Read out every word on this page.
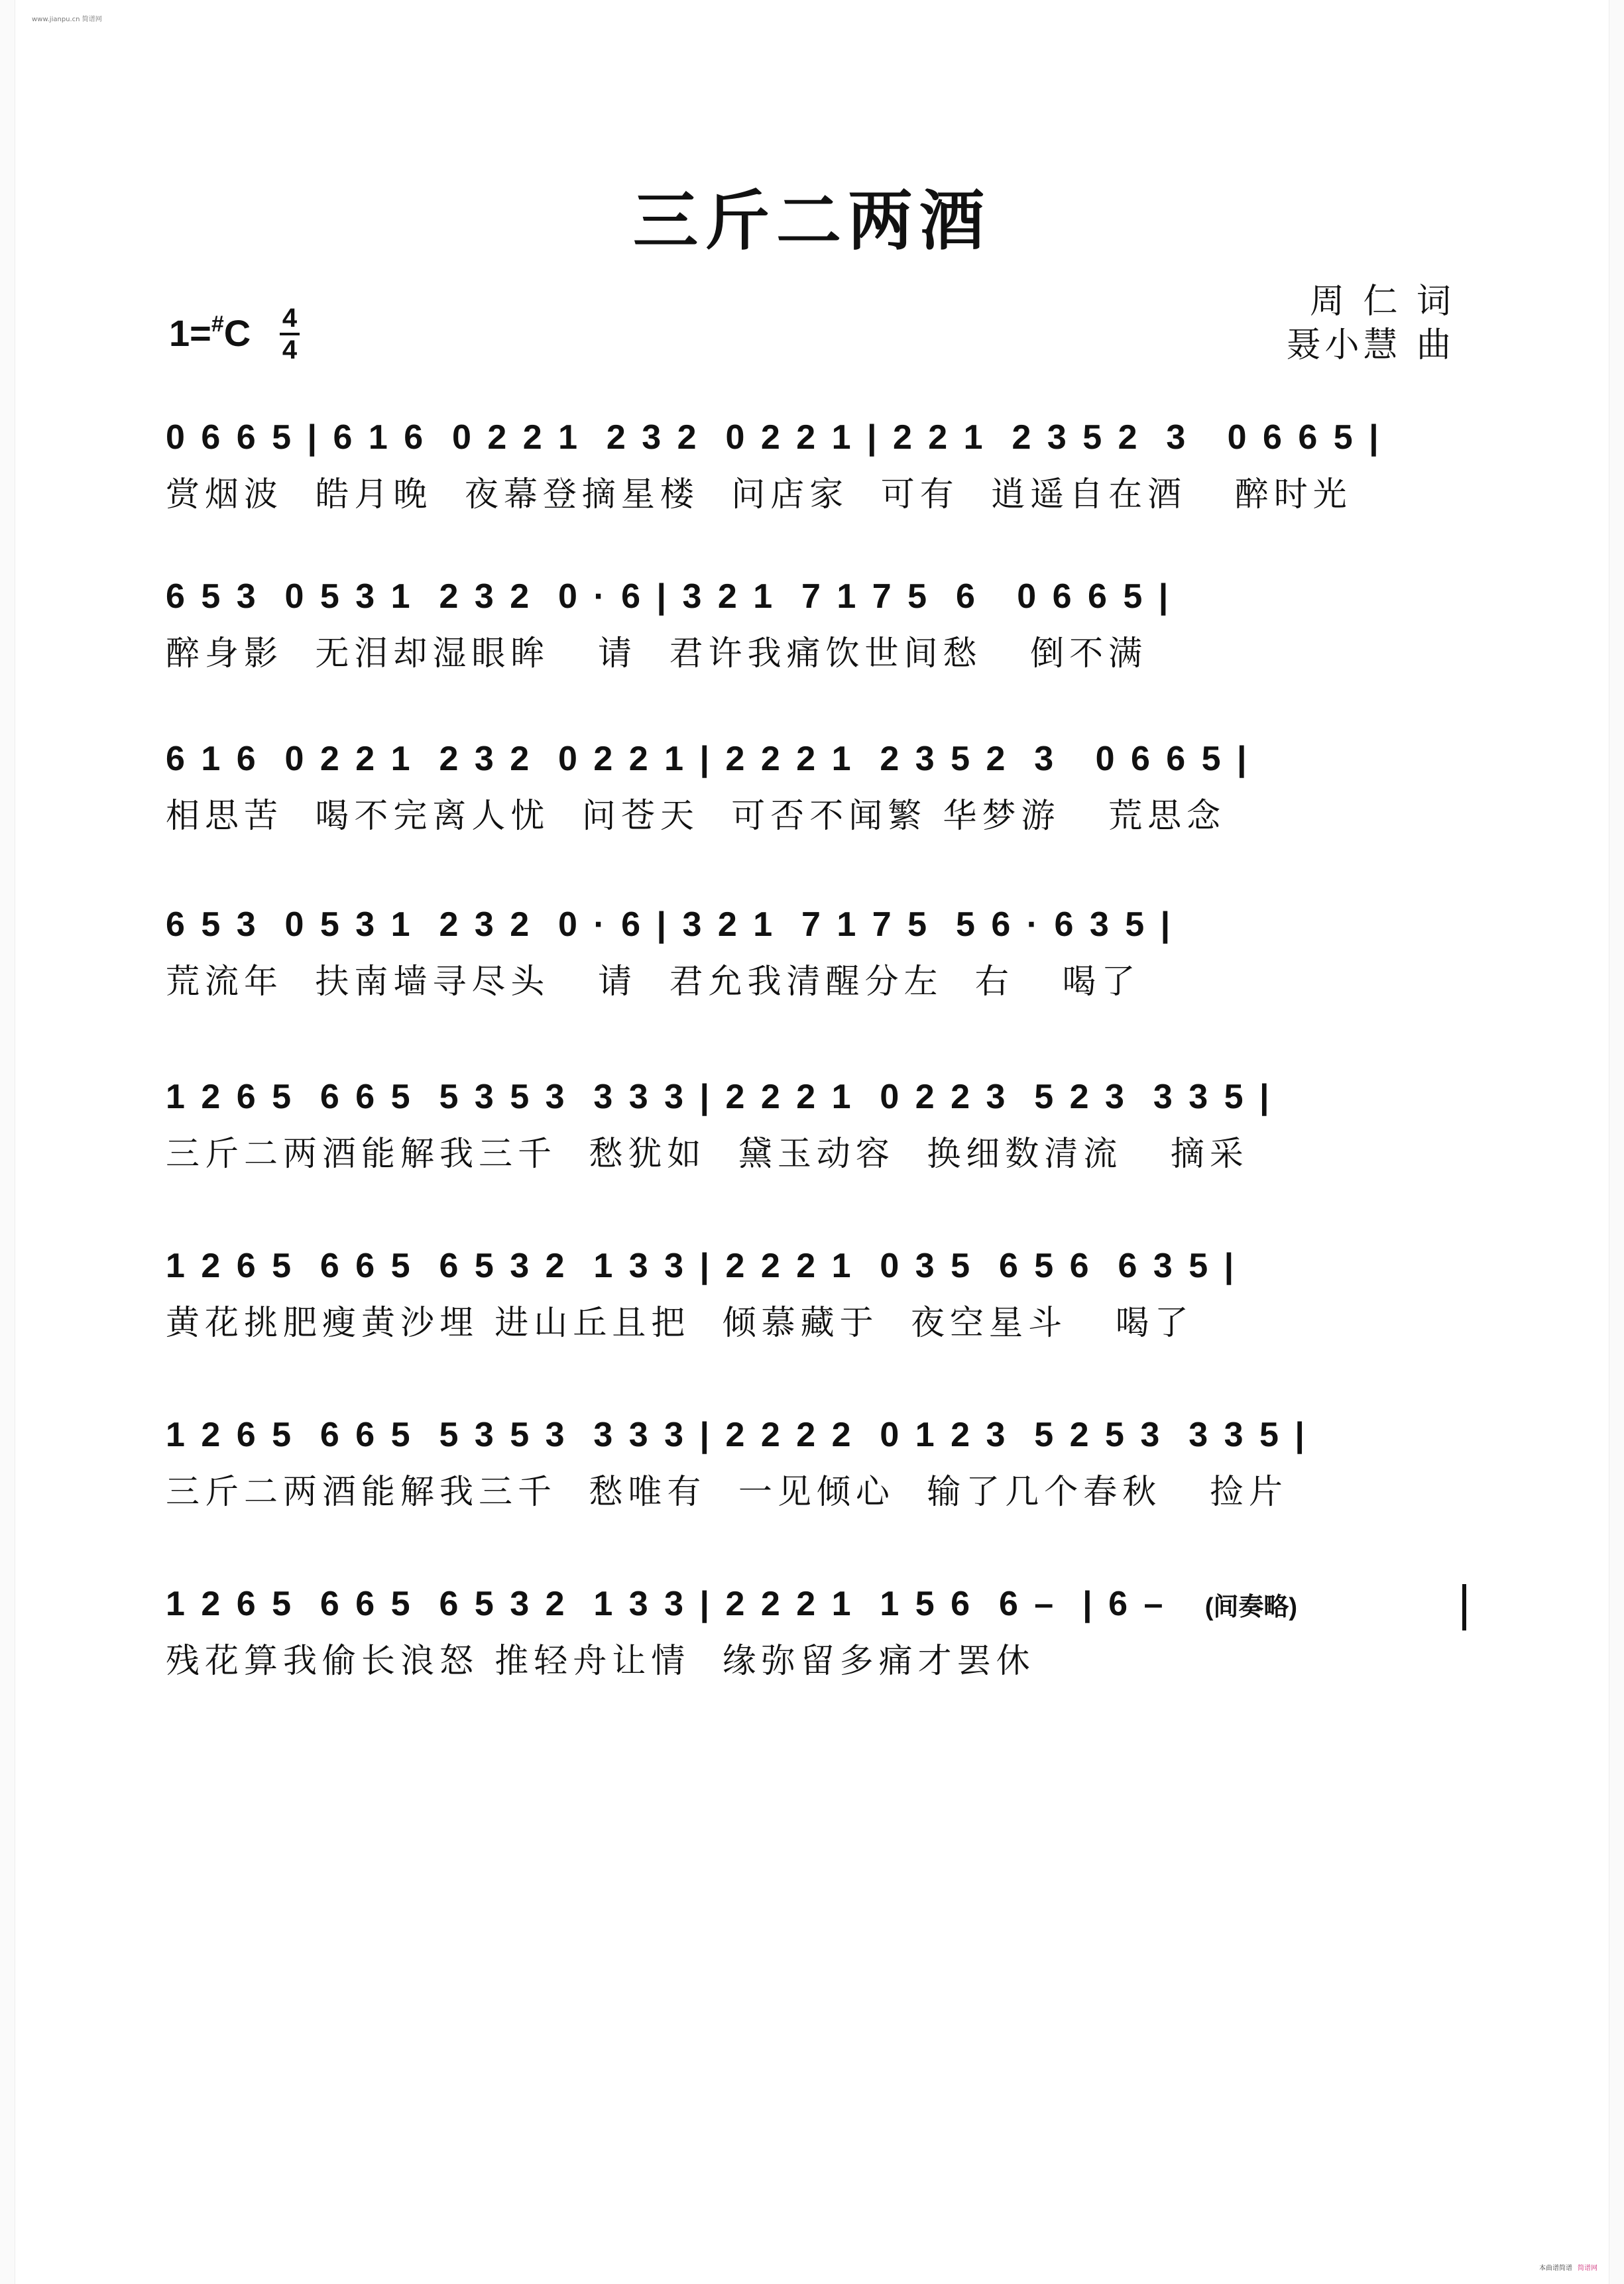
www.jianpu.cn 简谱网
三斤二两酒
周 仁 词
聂小慧 曲
1=#C 4
4
0 6 6 5 | 6 1 6  0 2 2 1  2 3 2  0 2 2 1 | 2 2 1  2 3 5 2  3   0 6 6 5 |
赏烟波  皓月晚  夜幕登摘星楼  问店家  可有  逍遥自在酒   醉时光
6 5 3  0 5 3 1  2 3 2  0 · 6 | 3 2 1  7 1 7 5  6   0 6 6 5 |
醉身影  无泪却湿眼眸   请  君许我痛饮世间愁   倒不满
6 1 6  0 2 2 1  2 3 2  0 2 2 1 | 2 2 2 1  2 3 5 2  3   0 6 6 5 |
相思苦  喝不完离人忧  问苍天  可否不闻繁 华梦游   荒思念
6 5 3  0 5 3 1  2 3 2  0 · 6 | 3 2 1  7 1 7 5  5 6 · 6 3 5 |
荒流年  扶南墙寻尽头   请  君允我清醒分左  右   喝了
1 2 6 5  6 6 5  5 3 5 3  3 3 3 | 2 2 2 1  0 2 2 3  5 2 3  3 3 5 |
三斤二两酒能解我三千  愁犹如  黛玉动容  换细数清流   摘采
1 2 6 5  6 6 5  6 5 3 2  1 3 3 | 2 2 2 1  0 3 5  6 5 6  6 3 5 |
黄花挑肥瘦黄沙埋 进山丘且把  倾慕藏于  夜空星斗   喝了
1 2 6 5  6 6 5  5 3 5 3  3 3 3 | 2 2 2 2  0 1 2 3  5 2 5 3  3 3 5 |
三斤二两酒能解我三千  愁唯有  一见倾心  输了几个春秋   捡片
1 2 6 5  6 6 5  6 5 3 2  1 3 3 | 2 2 2 1  1 5 6  6 –  | 6 – (间奏略)
残花算我偷长浪怒 推轻舟让情  缘弥留多痛才罢休
本曲谱简谱 简谱网
